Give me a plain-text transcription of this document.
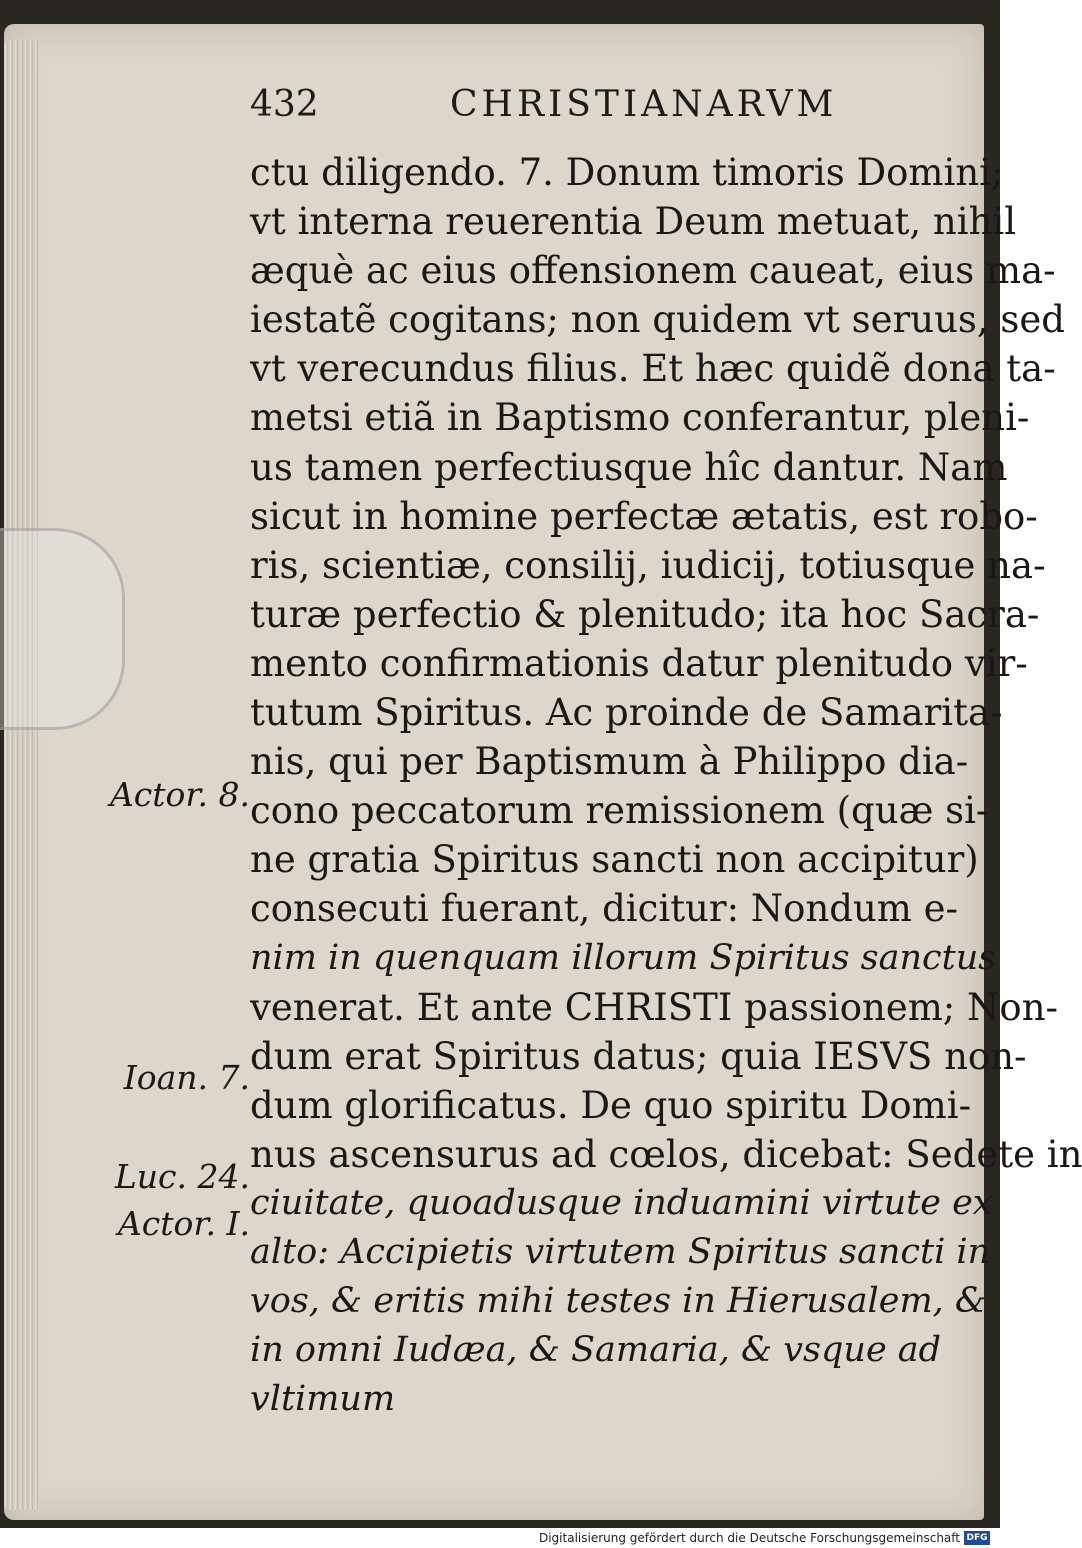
432	CHRISTIANARVM
ctu diligendo. 7. Donum timoris Domini;
vt interna reuerentia Deum metuat, nihil
æquè ac eius offensionem caueat, eius ma-
iestatẽ cogitans; non quidem vt seruus, sed
vt verecundus filius. Et hæc quidẽ dona ta-
metsi etiã in Baptismo conferantur, pleni-
us tamen perfectiusque hîc dantur. Nam
sicut in homine perfectæ ætatis, est robo-
ris, scientiæ, consilij, iudicij, totiusque na-
turæ perfectio & plenitudo; ita hoc Sacra-
mento confirmationis datur plenitudo vir-
tutum Spiritus. Ac proinde de Samarita-
nis, qui per Baptismum à Philippo dia-
cono peccatorum remissionem (quæ si-
ne gratia Spiritus sancti non accipitur)
consecuti fuerant, dicitur: Nondum e-
nim in quenquam illorum Spiritus sanctus
venerat. Et ante CHRISTI passionem; Non-
dum erat Spiritus datus; quia IESVS non-
dum glorificatus. De quo spiritu Domi-
nus ascensurus ad cœlos, dicebat: Sedete in
ciuitate, quoadusque induamini virtute ex
alto: Accipietis virtutem Spiritus sancti in
vos, & eritis mihi testes in Hierusalem, &
in omni Iudæa, & Samaria, & vsque ad
vltimum
Actor. 8.
Ioan. 7.
Luc. 24.
Actor. I.
Digitalisierung gefördert durch die Deutsche Forschungsgemeinschaft DFG
